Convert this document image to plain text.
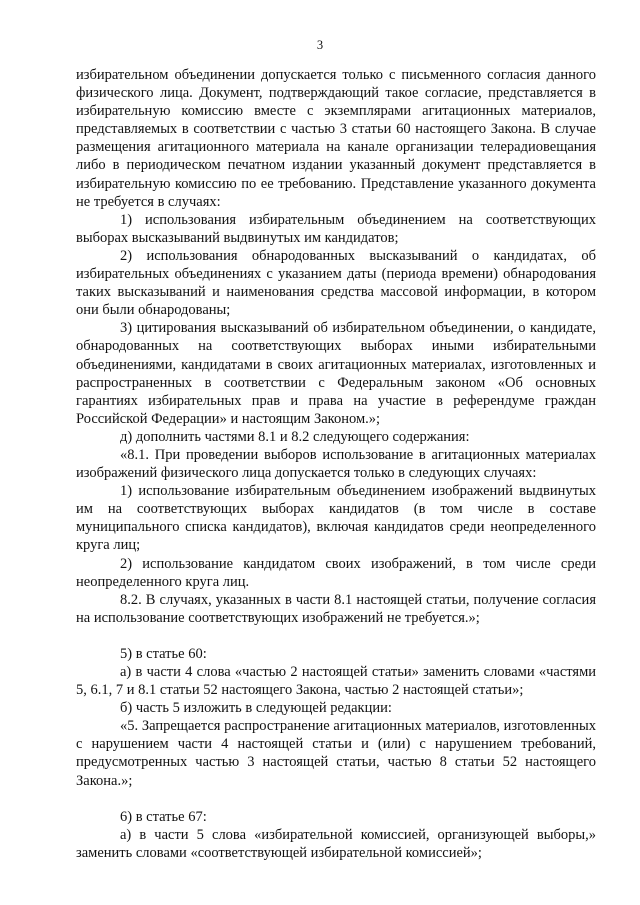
3

избирательном объединении допускается только с письменного согласия данного физического лица. Документ, подтверждающий такое согласие, представляется в избирательную комиссию вместе с экземплярами агитационных материалов, представляемых в соответствии с частью 3 статьи 60 настоящего Закона. В случае размещения агитационного материала на канале организации телерадиовещания либо в периодическом печатном издании указанный документ представляется в избирательную комиссию по ее требованию. Представление указанного документа не требуется в случаях:

1) использования избирательным объединением на соответствующих выборах высказываний выдвинутых им кандидатов;

2) использования обнародованных высказываний о кандидатах, об избирательных объединениях с указанием даты (периода времени) обнародования таких высказываний и наименования средства массовой информации, в котором они были обнародованы;

3) цитирования высказываний об избирательном объединении, о кандидате, обнародованных на соответствующих выборах иными избирательными объединениями, кандидатами в своих агитационных материалах, изготовленных и распространенных в соответствии с Федеральным законом «Об основных гарантиях избирательных прав и права на участие в референдуме граждан Российской Федерации» и настоящим Законом.»;

д) дополнить частями 8.1 и 8.2 следующего содержания:

«8.1. При проведении выборов использование в агитационных материалах изображений физического лица допускается только в следующих случаях:

1) использование избирательным объединением изображений выдвинутых им на соответствующих выборах кандидатов (в том числе в составе муниципального списка кандидатов), включая кандидатов среди неопределенного круга лиц;

2) использование кандидатом своих изображений, в том числе среди неопределенного круга лиц.

8.2. В случаях, указанных в части 8.1 настоящей статьи, получение согласия на использование соответствующих изображений не требуется.»;

5) в статье 60:

а) в части 4 слова «частью 2 настоящей статьи» заменить словами «частями 5, 6.1, 7 и 8.1 статьи 52 настоящего Закона, частью 2 настоящей статьи»;

б) часть 5 изложить в следующей редакции:

«5. Запрещается распространение агитационных материалов, изготовленных с нарушением части 4 настоящей статьи и (или) с нарушением требований, предусмотренных частью 3 настоящей статьи, частью 8 статьи 52 настоящего Закона.»;

6) в статье 67:

а) в части 5 слова «избирательной комиссией, организующей выборы,» заменить словами «соответствующей избирательной комиссией»;
